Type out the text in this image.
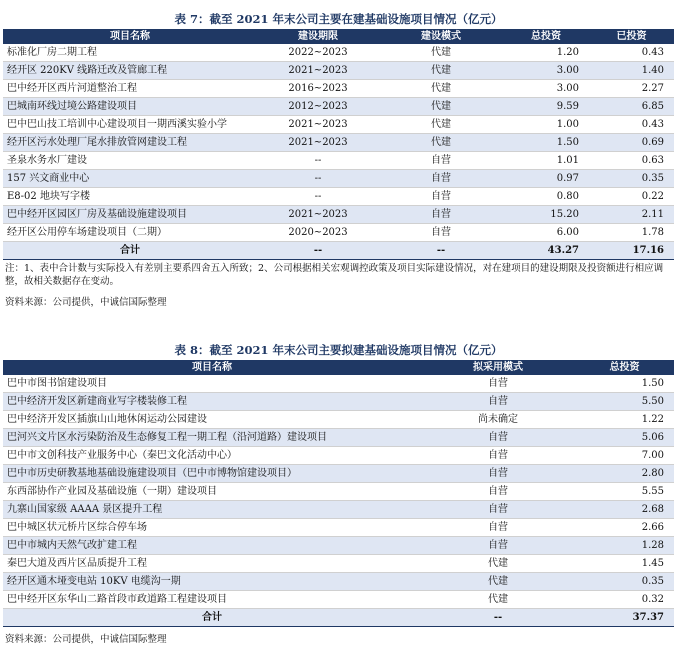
表 7：截至 2021 年末公司主要在建基础设施项目情况（亿元）
项目名称	建设期限	建设模式	总投资	已投资
标准化厂房二期工程	2022~2023	代建	1.20	0.43
经开区 220KV 线路迁改及管廊工程	2021~2023	代建	3.00	1.40
巴中经开区西片河道整治工程	2016~2023	代建	3.00	2.27
巴城南环线过境公路建设项目	2012~2023	代建	9.59	6.85
巴中巴山技工培训中心建设项目一期西溪实验小学	2021~2023	代建	1.00	0.43
经开区污水处理厂尾水排放管网建设工程	2021~2023	代建	1.50	0.69
圣泉水务水厂建设	--	自营	1.01	0.63
157 兴文商业中心	--	自营	0.97	0.35
E8-02 地块写字楼	--	自营	0.80	0.22
巴中经开区园区厂房及基础设施建设项目	2021~2023	自营	15.20	2.11
经开区公用停车场建设项目（二期）	2020~2023	自营	6.00	1.78
合计	--	--	43.27	17.16

注：1、表中合计数与实际投入有差别主要系四舍五入所致；2、公司根据相关宏观调控政策及项目实际建设情况，对在建项目的建设期限及投资额进行相应调整，故相关数据存在变动。

资料来源：公司提供，中诚信国际整理
表 8：截至 2021 年末公司主要拟建基础设施项目情况（亿元）
项目名称	拟采用模式	总投资
巴中市图书馆建设项目	自营	1.50
巴中经济开发区新建商业写字楼装修工程	自营	5.50
巴中经济开发区插旗山山地休闲运动公园建设	尚未确定	1.22
巴河兴文片区水污染防治及生态修复工程一期工程（沿河道路）建设项目	自营	5.06
巴中市文创科技产业服务中心（秦巴文化活动中心）	自营	7.00
巴中市历史研教基地基础设施建设项目（巴中市博物馆建设项目）	自营	2.80
东西部协作产业园及基础设施（一期）建设项目	自营	5.55
九寨山国家级 AAAA 景区提升工程	自营	2.68
巴中城区状元桥片区综合停车场	自营	2.66
巴中市城内天然气改扩建工程	自营	1.28
秦巴大道及西片区品质提升工程	代建	1.45
经开区通木垭变电站 10KV 电缆沟一期	代建	0.35
巴中经开区东华山二路首段市政道路工程建设项目	代建	0.32
合计	--	37.37
资料来源：公司提供，中诚信国际整理
